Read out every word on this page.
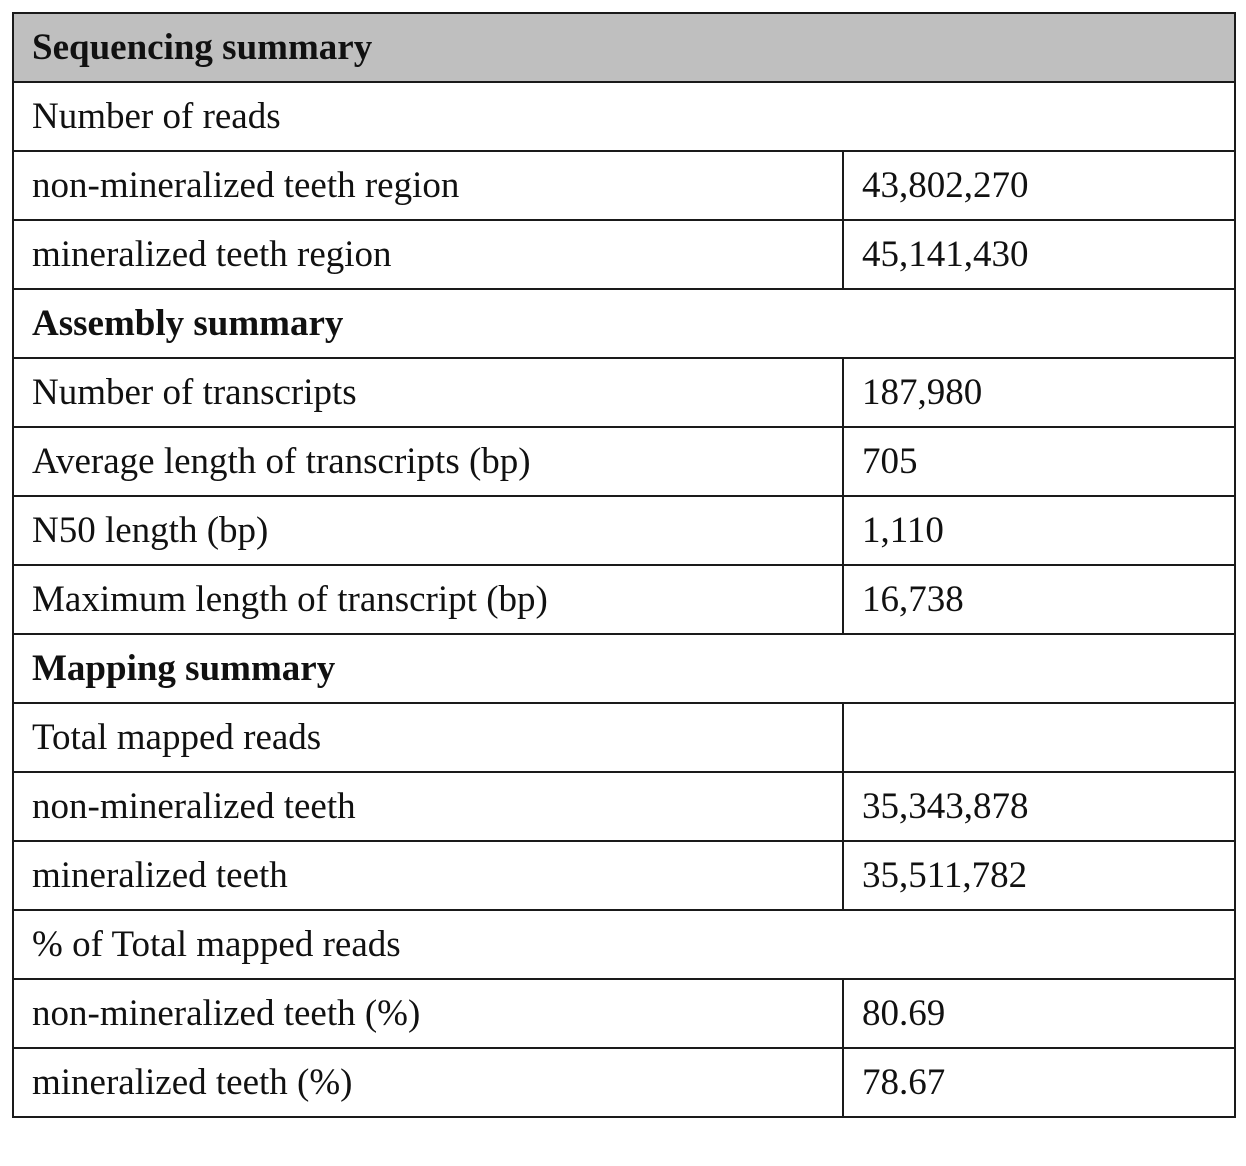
Sequencing summary	
Number of reads	
non-mineralized teeth region	43,802,270
mineralized teeth region	45,141,430
Assembly summary	
Number of transcripts	187,980
Average length of transcripts (bp)	705
N50 length (bp)	1,110
Maximum length of transcript (bp)	16,738
Mapping summary	
Total mapped reads	
non-mineralized teeth	35,343,878
mineralized teeth	35,511,782
% of Total mapped reads	
non-mineralized teeth (%)	80.69
mineralized teeth (%)	78.67
